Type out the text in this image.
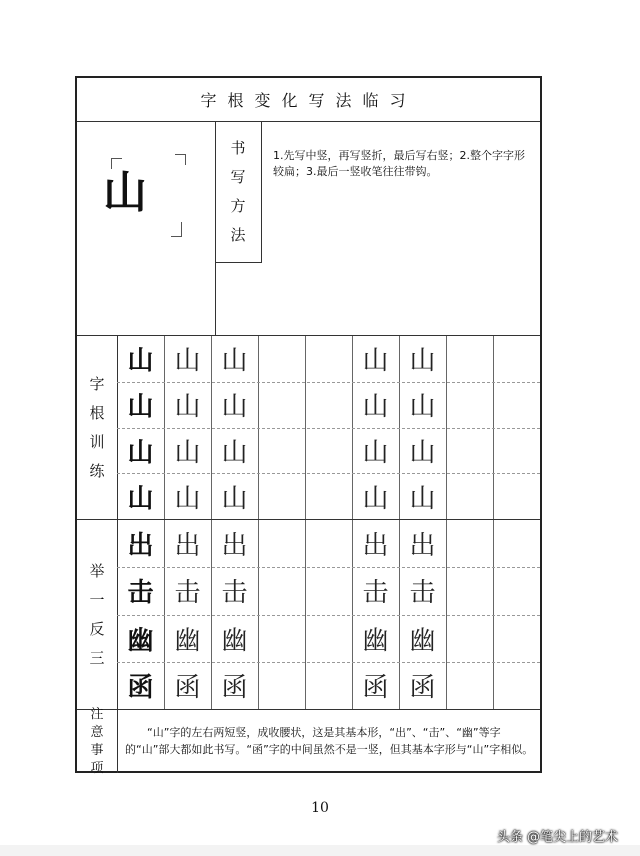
字根变化写法临习
山
书
写
方
法
1.先写中竖，再写竖折，最后写右竖；2.整个字字形较扁；3.最后一竖收笔往往带钩。
字
根
训
练
山 山 山	山 山
山 山 山	山 山
山 山 山	山 山
山 山 山	山 山
举
一
反
三
出 出 出	出 出
击 击 击	击 击
幽 幽 幽	幽 幽
函 函 函	函 函
注
意
事
项
“山”字的左右两短竖，成收腰状，这是其基本形，“出”、“击”、“幽”等字的“山”部大都如此书写。“函”字的中间虽然不是一竖，但其基本字形与“山”字相似。
10
头条 @笔尖上的艺术
